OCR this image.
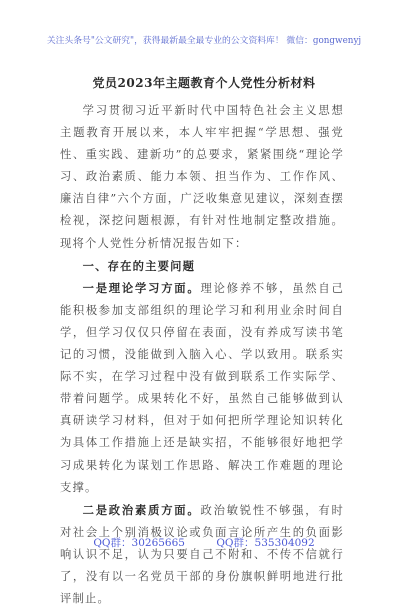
关注头条号"公文研究"，获得最新最全最专业的公文资料库！ 微信：gongwenyj
党员2023年主题教育个人党性分析材料

学习贯彻习近平新时代中国特色社会主义思想主题教育开展以来，本人牢牢把握“学思想、强党性、重实践、建新功”的总要求，紧紧围绕“理论学习、政治素质、能力本领、担当作为、工作作风、廉洁自律”六个方面，广泛收集意见建议，深刻查摆检视，深挖问题根源，有针对性地制定整改措施。现将个人党性分析情况报告如下：

一、存在的主要问题

一是理论学习方面。理论修养不够，虽然自己能积极参加支部组织的理论学习和利用业余时间自学，但学习仅仅只停留在表面，没有养成写读书笔记的习惯，没能做到入脑入心、学以致用。联系实际不实，在学习过程中没有做到联系工作实际学、带着问题学。成果转化不好，虽然自己能够做到认真研读学习材料，但对于如何把所学理论知识转化为具体工作措施上还是缺实招，不能够很好地把学习成果转化为谋划工作思路、解决工作难题的理论支撑。

二是政治素质方面。政治敏锐性不够强，有时对社会上个别消极议论或负面言论所产生的负面影响认识不足，认为只要自己不附和、不传不信就行了，没有以一名党员干部的身份旗帜鲜明地进行批评制止。

QQ群：30265665	QQ群：535304092
